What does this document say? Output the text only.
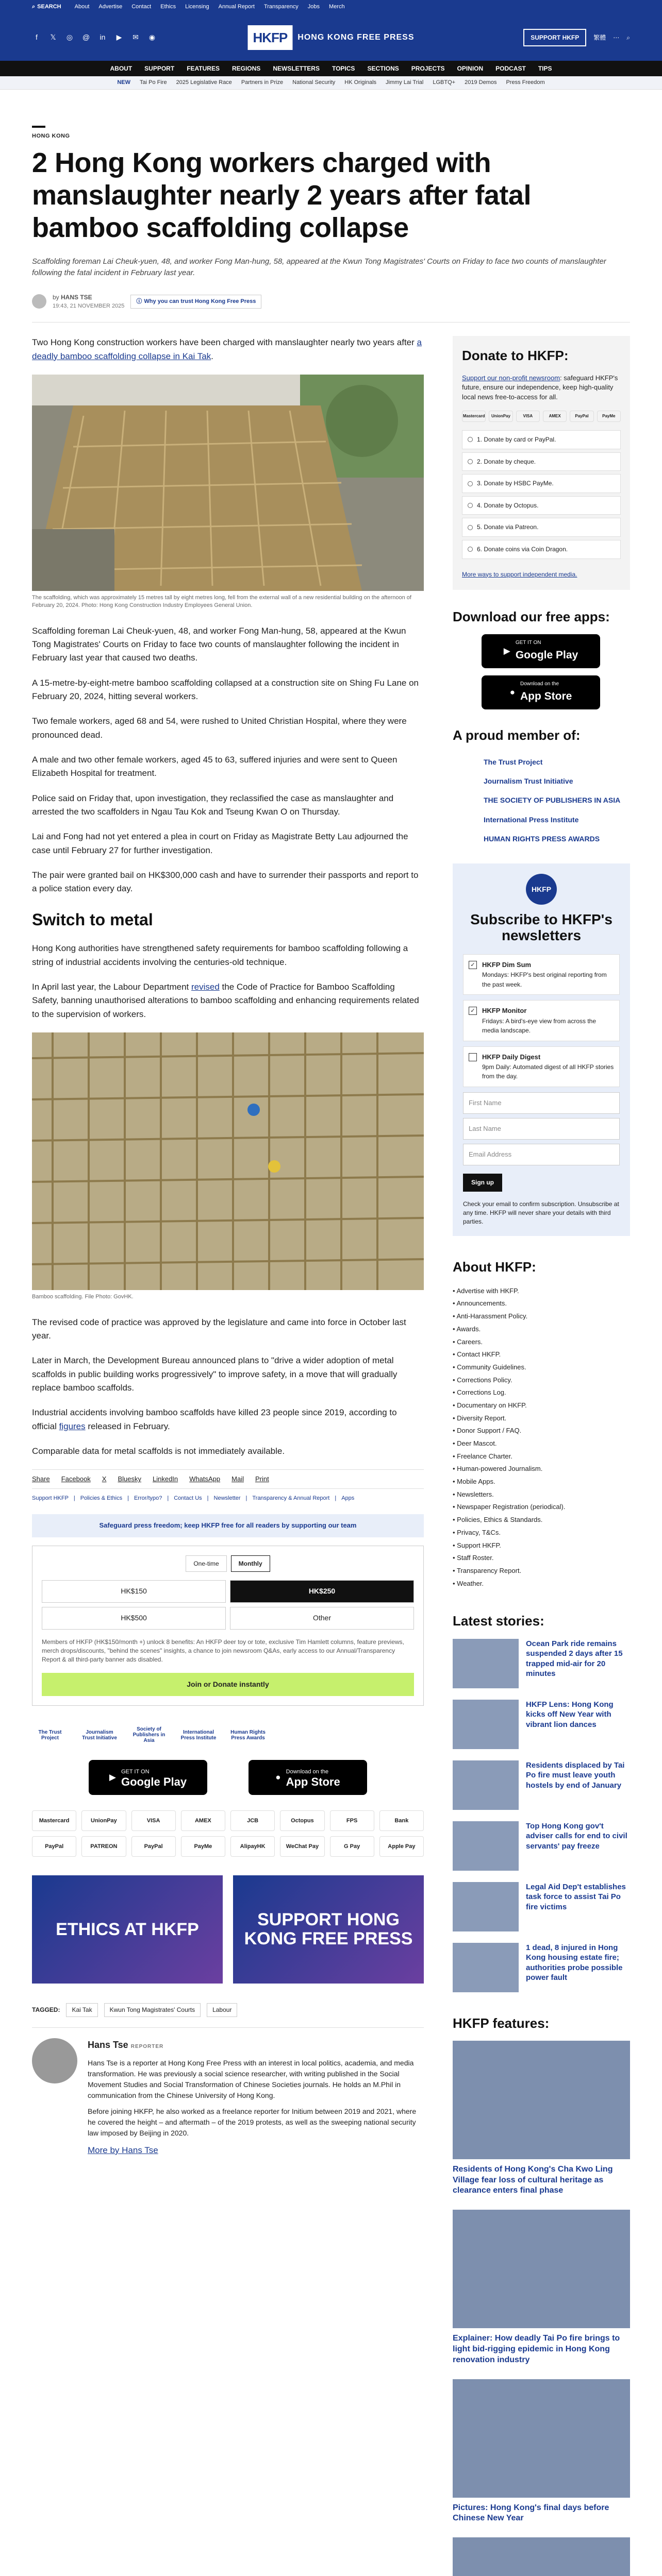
⌕ SEARCH About Advertise Contact Ethics Licensing Annual Report Transparency Jobs Merch
f	𝕏 ◎ @ in ▶ ✉ ◉	HKFP	HONG KONG FREE PRESS	SUPPORT HKFP	繁體 ⋯ ⌕
ABOUT SUPPORT FEATURES REGIONS NEWSLETTERS TOPICS SECTIONS PROJECTS OPINION PODCAST TIPS
NEW Tai Po Fire 2025 Legislative Race Partners in Prize National Security HK Originals Jimmy Lai Trial LGBTQ+ 2019 Demos Press Freedom
HONG KONG
2 Hong Kong workers charged with manslaughter nearly 2 years after fatal bamboo scaffolding collapse
Scaffolding foreman Lai Cheuk-yuen, 48, and worker Fong Man-hung, 58, appeared at the Kwun Tong Magistrates' Courts on Friday to face two counts of manslaughter following the fatal incident in February last year.
by HANS TSE
19:43, 21 NOVEMBER 2025
ⓘ Why you can trust Hong Kong Free Press

Two Hong Kong construction workers have been charged with manslaughter nearly two years after a deadly bamboo scaffolding collapse in Kai Tak.

The scaffolding, which was approximately 15 metres tall by eight metres long, fell from the external wall of a new residential building on the afternoon of February 20, 2024. Photo: Hong Kong Construction Industry Employees General Union.

Scaffolding foreman Lai Cheuk-yuen, 48, and worker Fong Man-hung, 58, appeared at the Kwun Tong Magistrates' Courts on Friday to face two counts of manslaughter following the incident in February last year that caused two deaths.

A 15-metre-by-eight-metre bamboo scaffolding collapsed at a construction site on Shing Fu Lane on February 20, 2024, hitting several workers.

Two female workers, aged 68 and 54, were rushed to United Christian Hospital, where they were pronounced dead.

A male and two other female workers, aged 45 to 63, suffered injuries and were sent to Queen Elizabeth Hospital for treatment.

Police said on Friday that, upon investigation, they reclassified the case as manslaughter and arrested the two scaffolders in Ngau Tau Kok and Tseung Kwan O on Thursday.

Lai and Fong had not yet entered a plea in court on Friday as Magistrate Betty Lau adjourned the case until February 27 for further investigation.

The pair were granted bail on HK$300,000 cash and have to surrender their passports and report to a police station every day.

Switch to metal

Hong Kong authorities have strengthened safety requirements for bamboo scaffolding following a string of industrial accidents involving the centuries-old technique.

In April last year, the Labour Department revised the Code of Practice for Bamboo Scaffolding Safety, banning unauthorised alterations to bamboo scaffolding and enhancing requirements related to the supervision of workers.

Bamboo scaffolding. File Photo: GovHK.

The revised code of practice was approved by the legislature and came into force in October last year.

Later in March, the Development Bureau announced plans to "drive a wider adoption of metal scaffolds in public building works progressively" to improve safety, in a move that will gradually replace bamboo scaffolds.

Industrial accidents involving bamboo scaffolds have killed 23 people since 2019, according to official figures released in February.

Comparable data for metal scaffolds is not immediately available.

Share Facebook X Bluesky LinkedIn WhatsApp Mail Print
Support HKFP | Policies & Ethics | Error/typo? | Contact Us | Newsletter | Transparency & Annual Report | Apps
Safeguard press freedom; keep HKFP free for all readers by supporting our team
One-time	Monthly
HK$150	HK$250
HK$500	Other
Members of HKFP (HK$150/month +) unlock 8 benefits: An HKFP deer toy or tote, exclusive Tim Hamlett columns, feature previews, merch drops/discounts, "behind the scenes" insights, a chance to join newsroom Q&As, early access to our Annual/Transparency Report & all third-party banner ads disabled.
Join or Donate instantly
The Trust Project
Journalism Trust Initiative
Society of Publishers in Asia
International Press Institute
Human Rights Press Awards
▶
GET IT ON
Google Play	●
Download on the
App Store
Mastercard	UnionPay	VISA	AMEX	JCB	Octopus	FPS	Bank
PayPal	PATREON	PayPal	PayMe	AlipayHK	WeChat Pay	G Pay	Apple Pay
ETHICS AT HKFP	SUPPORT HONG KONG FREE PRESS
TAGGED:	Kai Tak	Kwun Tong Magistrates' Courts	Labour
Hans Tse REPORTER

Hans Tse is a reporter at Hong Kong Free Press with an interest in local politics, academia, and media transformation. He was previously a social science researcher, with writing published in the Social Movement Studies and Social Transformation of Chinese Societies journals. He holds an M.Phil in communication from the Chinese University of Hong Kong.

Before joining HKFP, he also worked as a freelance reporter for Initium between 2019 and 2021, where he covered the height – and aftermath – of the 2019 protests, as well as the sweeping national security law imposed by Beijing in 2020.

More by Hans Tse
Donate to HKFP:
Support our non-profit newsroom: safeguard HKFP's future, ensure our independence, keep high-quality local news free-to-access for all.
Mastercard	UnionPay	VISA	AMEX	PayPal	PayMe
1. Donate by card or PayPal.
2. Donate by cheque.
3. Donate by HSBC PayMe.
4. Donate by Octopus.
5. Donate via Patreon.
6. Donate coins via Coin Dragon.
More ways to support independent media.
Download our free apps:
▶
GET IT ON
Google Play
●
Download on the
App Store
A proud member of:
The Trust Project
Journalism Trust Initiative
THE SOCIETY OF PUBLISHERS IN ASIA
International Press Institute
HUMAN RIGHTS PRESS AWARDS
HKFP
Subscribe to HKFP's newsletters
✓ HKFP Dim Sum
Mondays: HKFP's best original reporting from the past week.
✓ HKFP Monitor
Fridays: A bird's-eye view from across the media landscape.
HKFP Daily Digest
9pm Daily: Automated digest of all HKFP stories from the day.
First Name
Last Name
Email Address
Sign up
Check your email to confirm subscription. Unsubscribe at any time. HKFP will never share your details with third parties.
About HKFP:
• Advertise with HKFP.
• Announcements.
• Anti-Harassment Policy.
• Awards.
• Careers.
• Contact HKFP.
• Community Guidelines.
• Corrections Policy.
• Corrections Log.
• Documentary on HKFP.
• Diversity Report.
• Donor Support / FAQ.
• Deer Mascot.
• Freelance Charter.
• Human-powered Journalism.
• Mobile Apps.
• Newsletters.
• Newspaper Registration (periodical).
• Policies, Ethics & Standards.
• Privacy, T&Cs.
• Support HKFP.
• Staff Roster.
• Transparency Report.
• Weather.
Latest stories:
Ocean Park ride remains suspended 2 days after 15 trapped mid-air for 20 minutes
HKFP Lens: Hong Kong kicks off New Year with vibrant lion dances
Residents displaced by Tai Po fire must leave youth hostels by end of January
Top Hong Kong gov't adviser calls for end to civil servants' pay freeze
Legal Aid Dep't establishes task force to assist Tai Po fire victims
1 dead, 8 injured in Hong Kong housing estate fire; authorities probe possible power fault
HKFP features:
Residents of Hong Kong's Cha Kwo Ling Village fear loss of cultural heritage as clearance enters final phase
Explainer: How deadly Tai Po fire brings to light bid-rigging epidemic in Hong Kong renovation industry
Pictures: Hong Kong's final days before Chinese New Year
